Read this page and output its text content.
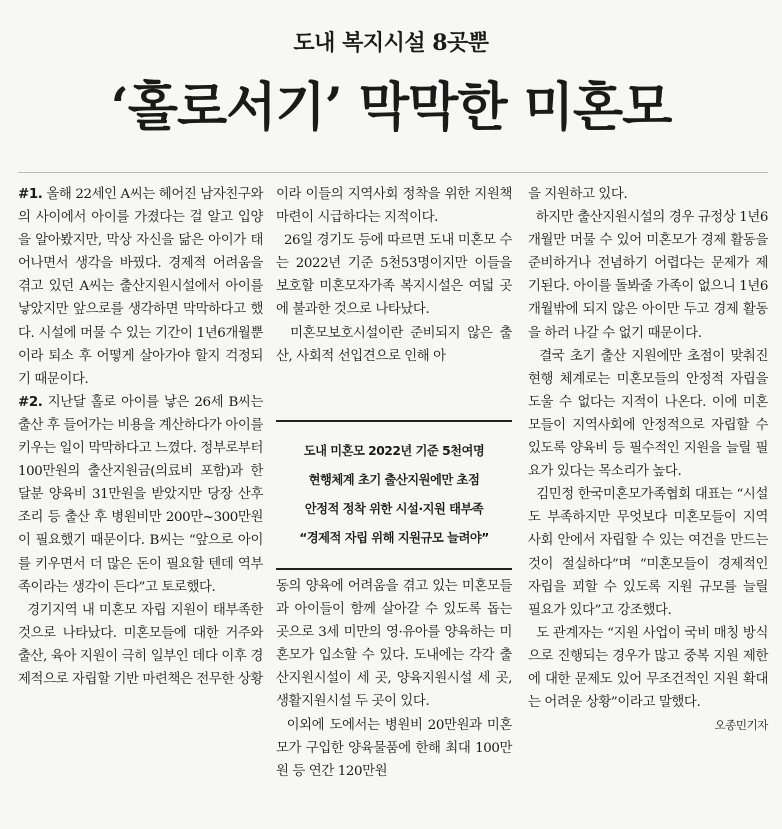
도내 복지시설 8곳뿐
‘홀로서기’ 막막한 미혼모

#1. 올해 22세인 A씨는 헤어진 남자친구와의 사이에서 아이를 가졌다는 걸 알고 입양을 알아봤지만, 막상 자신을 닮은 아이가 태어나면서 생각을 바꿨다. 경제적 어려움을 겪고 있던 A씨는 출산지원시설에서 아이를 낳았지만 앞으로를 생각하면 막막하다고 했다. 시설에 머물 수 있는 기간이 1년6개월뿐이라 퇴소 후 어떻게 살아가야 할지 걱정되기 때문이다.

#2. 지난달 홀로 아이를 낳은 26세 B씨는 출산 후 들어가는 비용을 계산하다가 아이를 키우는 일이 막막하다고 느꼈다. 정부로부터 100만원의 출산지원금(의료비 포함)과 한 달분 양육비 31만원을 받았지만 당장 산후조리 등 출산 후 병원비만 200만~300만원이 필요했기 때문이다. B씨는 “앞으로 아이를 키우면서 더 많은 돈이 필요할 텐데 역부족이라는 생각이 든다”고 토로했다.

경기지역 내 미혼모 자립 지원이 태부족한 것으로 나타났다. 미혼모들에 대한 거주와 출산, 육아 지원이 극히 일부인 데다 이후 경제적으로 자립할 기반 마련책은 전무한 상황

이라 이들의 지역사회 정착을 위한 지원책 마련이 시급하다는 지적이다.

26일 경기도 등에 따르면 도내 미혼모 수는 2022년 기준 5천53명이지만 이들을 보호할 미혼모자가족 복지시설은 여덟 곳에 불과한 것으로 나타났다.

미혼모보호시설이란 준비되지 않은 출산, 사회적 선입견으로 인해 아

도내 미혼모 2022년 기준 5천여명
현행체계 초기 출산지원에만 초점
안정적 정착 위한 시설·지원 태부족
“경제적 자립 위해 지원규모 늘려야”

동의 양육에 어려움을 겪고 있는 미혼모들과 아이들이 함께 살아갈 수 있도록 돕는 곳으로 3세 미만의 영·유아를 양육하는 미혼모가 입소할 수 있다. 도내에는 각각 출산지원시설이 세 곳, 양육지원시설 세 곳, 생활지원시설 두 곳이 있다.

이외에 도에서는 병원비 20만원과 미혼모가 구입한 양육물품에 한해 최대 100만원 등 연간 120만원

을 지원하고 있다.

하지만 출산지원시설의 경우 규정상 1년6개월만 머물 수 있어 미혼모가 경제 활동을 준비하거나 전념하기 어렵다는 문제가 제기된다. 아이를 돌봐줄 가족이 없으니 1년6개월밖에 되지 않은 아이만 두고 경제 활동을 하러 나갈 수 없기 때문이다.

결국 초기 출산 지원에만 초점이 맞춰진 현행 체계로는 미혼모들의 안정적 자립을 도울 수 없다는 지적이 나온다. 이에 미혼모들이 지역사회에 안정적으로 자립할 수 있도록 양육비 등 필수적인 지원을 늘릴 필요가 있다는 목소리가 높다.

김민정 한국미혼모가족협회 대표는 “시설도 부족하지만 무엇보다 미혼모들이 지역사회 안에서 자립할 수 있는 여건을 만드는 것이 절실하다”며 “미혼모들이 경제적인 자립을 꾀할 수 있도록 지원 규모를 늘릴 필요가 있다”고 강조했다.

도 관계자는 “지원 사업이 국비 매칭 방식으로 진행되는 경우가 많고 중복 지원 제한에 대한 문제도 있어 무조건적인 지원 확대는 어려운 상황”이라고 말했다.
오종민기자
